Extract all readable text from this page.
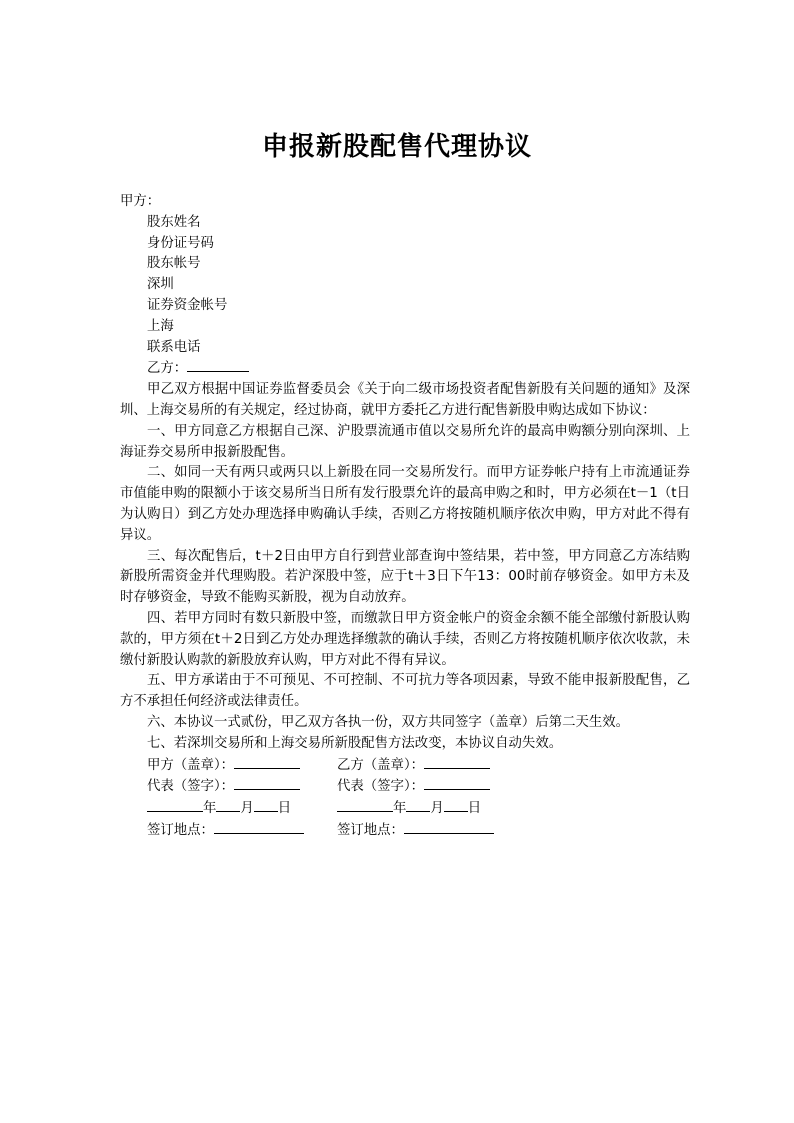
申报新股配售代理协议
甲方：
股东姓名
身份证号码
股东帐号
深圳
证券资金帐号
上海
联系电话
乙方：
甲乙双方根据中国证券监督委员会《关于向二级市场投资者配售新股有关问题的通知》及深圳、上海交易所的有关规定，经过协商，就甲方委托乙方进行配售新股申购达成如下协议：
一、甲方同意乙方根据自己深、沪股票流通市值以交易所允许的最高申购额分别向深圳、上海证券交易所申报新股配售。
二、如同一天有两只或两只以上新股在同一交易所发行。而甲方证券帐户持有上市流通证券市值能申购的限额小于该交易所当日所有发行股票允许的最高申购之和时，甲方必须在t－1（t日为认购日）到乙方处办理选择申购确认手续，否则乙方将按随机顺序依次申购，甲方对此不得有异议。
三、每次配售后，t＋2日由甲方自行到营业部查询中签结果，若中签，甲方同意乙方冻结购新股所需资金并代理购股。若沪深股中签，应于t＋3日下午13：00时前存够资金。如甲方未及时存够资金，导致不能购买新股，视为自动放弃。
四、若甲方同时有数只新股中签，而缴款日甲方资金帐户的资金余额不能全部缴付新股认购款的，甲方须在t＋2日到乙方处办理选择缴款的确认手续，否则乙方将按随机顺序依次收款，未缴付新股认购款的新股放弃认购，甲方对此不得有异议。
五、甲方承诺由于不可预见、不可控制、不可抗力等各项因素，导致不能申报新股配售，乙方不承担任何经济或法律责任。
六、本协议一式贰份，甲乙双方各执一份，双方共同签字（盖章）后第二天生效。
七、若深圳交易所和上海交易所新股配售方法改变，本协议自动失效。
甲方（盖章）：	乙方（盖章）：
代表（签字）：	代表（签字）：
年 月 日	年 月 日
签订地点：	签订地点：
